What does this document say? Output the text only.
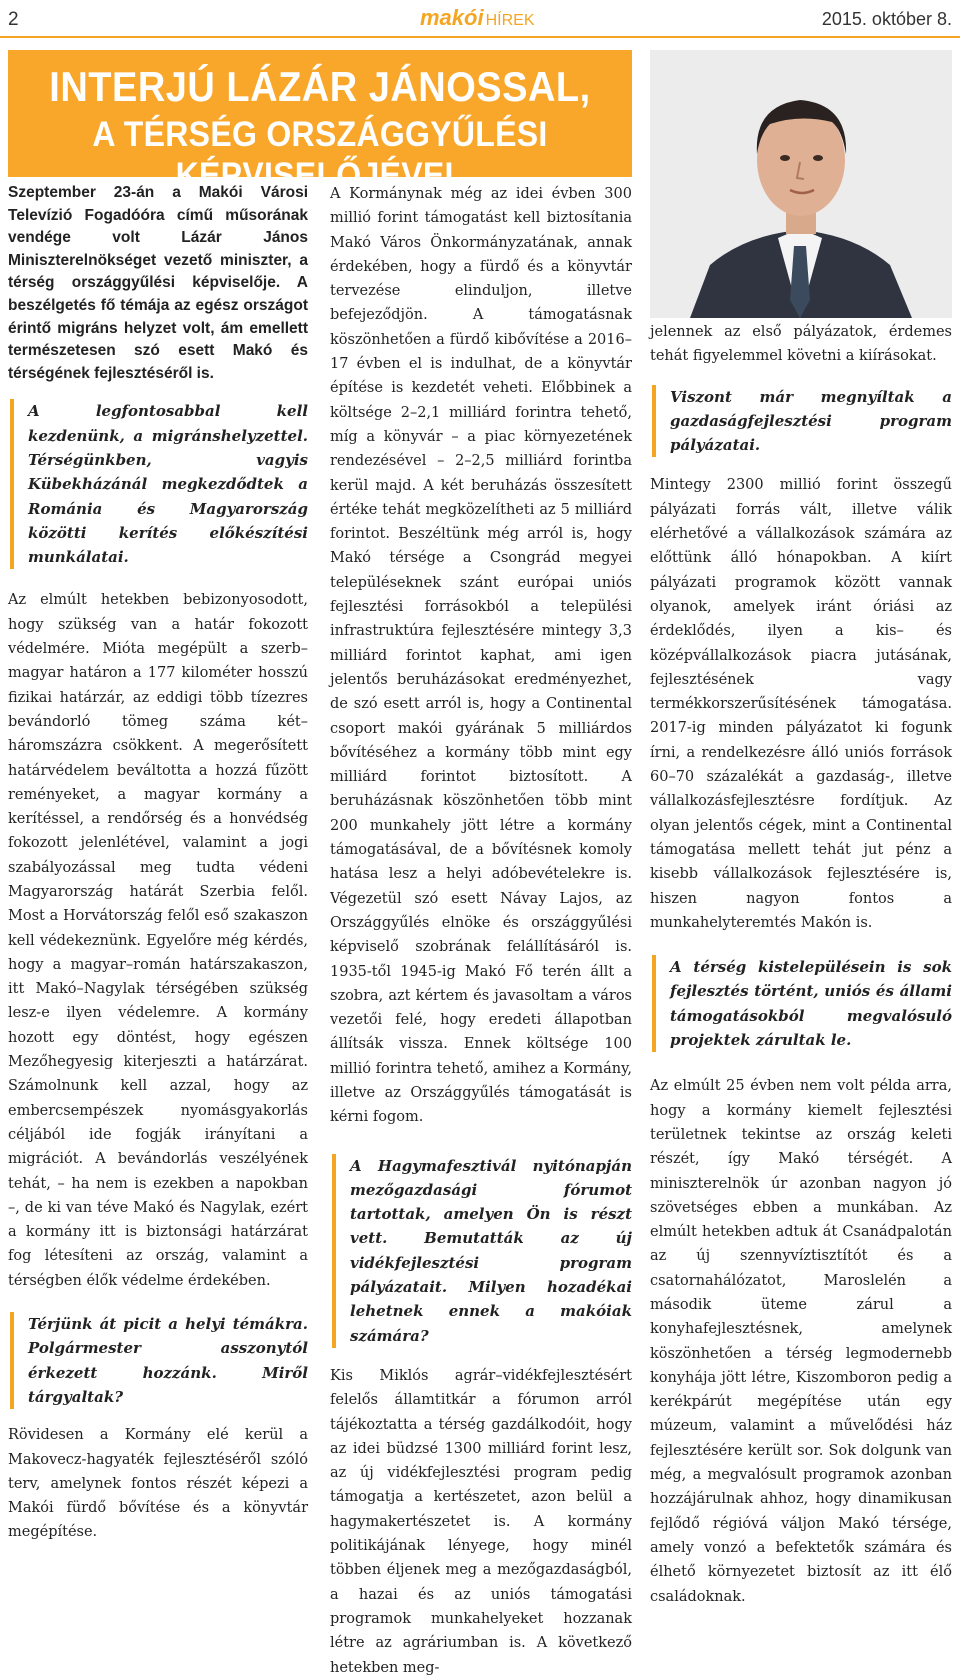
2	makói HÍREK	2015. október 8.
INTERJÚ LÁZÁR JÁNOSSAL,
A TÉRSÉG ORSZÁGGYŰLÉSI KÉPVISELŐJÉVEL

Szeptember 23-án a Makói Városi Televízió Fogadóóra című műsorának vendége volt Lázár János Miniszterelnökséget vezető miniszter, a térség országgyűlési képviselője. A beszélgetés fő témája az egész országot érintő migráns helyzet volt, ám emellett természetesen szó esett Makó és térségének fejlesztéséről is.

A legfontosabbal kell kezdenünk, a migránshelyzettel. Térségünkben, vagyis Kübekházánál megkezdődtek a Románia és Magyarország közötti kerítés előkészítési munkálatai.

Az elmúlt hetekben bebizonyosodott, hogy szükség van a határ fokozott védelmére. Mióta megépült a szerb–magyar határon a 177 kilométer hosszú fizikai határzár, az eddigi több tízezres bevándorló tömeg száma két–háromszázra csökkent. A megerősített határvédelem beváltotta a hozzá fűzött reményeket, a magyar kormány a kerítéssel, a rendőrség és a honvédség fokozott jelenlétével, valamint a jogi szabályozással meg tudta védeni Magyarország határát Szerbia felől. Most a Horvátország felől eső szakaszon kell védekeznünk. Egyelőre még kérdés, hogy a magyar–román határszakaszon, itt Makó–Nagylak térségében szükség lesz-e ilyen védelemre. A kormány hozott egy döntést, hogy egészen Mezőhegyesig kiterjeszti a határzárat. Számolnunk kell azzal, hogy az embercsempészek nyomásgyakorlás céljából ide fogják irányítani a migrációt. A bevándorlás veszélyének tehát, – ha nem is ezekben a napokban –, de ki van téve Makó és Nagylak, ezért a kormány itt is biztonsági határzárat fog létesíteni az ország, valamint a térségben élők védelme érdekében.

Térjünk át picit a helyi témákra. Polgármester asszonytól érkezett hozzánk. Miről tárgyaltak?

Rövidesen a Kormány elé kerül a Makovecz-hagyaték fejlesztéséről szóló terv, amelynek fontos részét képezi a Makói fürdő bővítése és a könyvtár megépítése.

A Kormánynak még az idei évben 300 millió forint támogatást kell biztosítania Makó Város Önkormányzatának, annak érdekében, hogy a fürdő és a könyvtár tervezése elinduljon, illetve befejeződjön. A támogatásnak köszönhetően a fürdő kibővítése a 2016–17 évben el is indulhat, de a könyvtár építése is kezdetét veheti. Előbbinek a költsége 2–2,1 milliárd forintra tehető, míg a könyvár – a piac környezetének rendezésével – 2–2,5 milliárd forintba kerül majd. A két beruházás összesített értéke tehát megközelítheti az 5 milliárd forintot. Beszéltünk még arról is, hogy Makó térsége a Csongrád megyei településeknek szánt európai uniós fejlesztési forrásokból a települési infrastruktúra fejlesztésére mintegy 3,3 milliárd forintot kaphat, ami igen jelentős beruházásokat eredményezhet, de szó esett arról is, hogy a Continental csoport makói gyárának 5 milliárdos bővítéséhez a kormány több mint egy milliárd forintot biztosított. A beruházásnak köszönhetően több mint 200 munkahely jött létre a kormány támogatásával, de a bővítésnek komoly hatása lesz a helyi adóbevételekre is. Végezetül szó esett Návay Lajos, az Országgyűlés elnöke és országgyűlési képviselő szobrának felállításáról is. 1935-től 1945-ig Makó Fő terén állt a szobra, azt kértem és javasoltam a város vezetői felé, hogy eredeti állapotban állítsák vissza. Ennek költsége 100 millió forintra tehető, amihez a Kormány, illetve az Országgyűlés támogatását is kérni fogom.

A Hagymafesztivál nyitónapján mezőgazdasági fórumot tartottak, amelyen Ön is részt vett. Bemutatták az új vidékfejlesztési program pályázatait. Milyen hozadékai lehetnek ennek a makóiak számára?

Kis Miklós agrár–vidékfejlesztésért felelős államtitkár a fórumon arról tájékoztatta a térség gazdálkodóit, hogy az idei büdzsé 1300 milliárd forint lesz, az új vidékfejlesztési program pedig támogatja a kertészetet, azon belül a hagymakertészetet is. A kormány politikájának lényege, hogy minél többen éljenek meg a mezőgazdaságból, a hazai és az uniós támogatási programok munkahelyeket hozzanak létre az agráriumban is. A következő hetekben meg-

jelennek az első pályázatok, érdemes tehát figyelemmel követni a kiírásokat.

Viszont már megnyíltak a gazdaságfejlesztési program pályázatai.

Mintegy 2300 millió forint összegű pályázati forrás vált, illetve válik elérhetővé a vállalkozások számára az előttünk álló hónapokban. A kiírt pályázati programok között vannak olyanok, amelyek iránt óriási az érdeklődés, ilyen a kis– és középvállalkozások piacra jutásának, fejlesztésének vagy termékkorszerűsítésének támogatása. 2017-ig minden pályázatot ki fogunk írni, a rendelkezésre álló uniós források 60–70 százalékát a gazdaság-, illetve vállalkozásfejlesztésre fordítjuk. Az olyan jelentős cégek, mint a Continental támogatása mellett tehát jut pénz a kisebb vállalkozások fejlesztésére is, hiszen nagyon fontos a munkahelyteremtés Makón is.

A térség kistelepülésein is sok fejlesztés történt, uniós és állami támogatásokból megvalósuló projektek zárultak le.

Az elmúlt 25 évben nem volt példa arra, hogy a kormány kiemelt fejlesztési területnek tekintse az ország keleti részét, így Makó térségét. A miniszterelnök úr azonban nagyon jó szövetséges ebben a munkában. Az elmúlt hetekben adtuk át Csanádpalotán az új szennyvíztisztítót és a csatornahálózatot, Maroslelén a második üteme zárul a konyhafejlesztésnek, amelynek köszönhetően a térség legmodernebb konyhája jött létre, Kiszomboron pedig a kerékpárút megépítése után egy múzeum, valamint a művelődési ház fejlesztésére került sor. Sok dolgunk van még, a megvalósult programok azonban hozzájárulnak ahhoz, hogy dinamikusan fejlődő régióvá váljon Makó térsége, amely vonzó a befektetők számára és élhető környezetet biztosít az itt élő családoknak.
